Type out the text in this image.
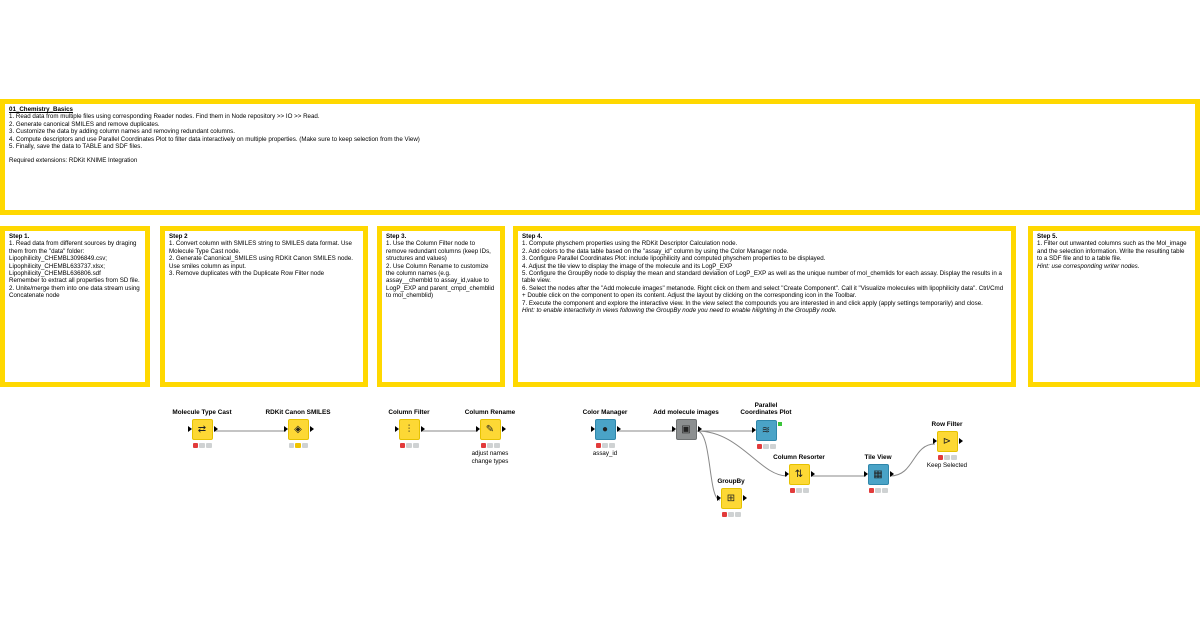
01_Chemistry_Basics
1. Read data from multiple files using corresponding Reader nodes. Find them in Node repository >> IO >> Read.
2. Generate canonical SMILES and remove duplicates.
3. Customize the data by adding column names and removing redundant columns.
4. Compute descriptors and use Parallel Coordinates Plot to filter data interactively on multiple properties. (Make sure to keep selection from the View)
5. Finally, save the data to TABLE and SDF files.
Required extensions: RDKit KNIME Integration
Step 1.
1. Read data from different sources by draging them from the "data" folder:
Lipophilicity_CHEMBL3096849.csv;
Lipophilicity_CHEMBL633737.xlsx;
Lipophilicity_CHEMBL636806.sdf
Remember to extract all properties from SD file.
2. Unite/merge them into one data stream using Concatenate node
Step 2
1. Convert column with SMILES string to SMILES data format. Use Molecule Type Cast node.
2. Generate Canonical_SMILES using RDKit Canon SMILES node. Use smiles column as input.
3. Remove duplicates with the Duplicate Row Filter node
Step 3.
1. Use the Column Filter node to remove redundant columns (keep IDs, structures and values)
2. Use Column Rename to customize the column names (e.g. assay__chembld to assay_id,value to LogP_EXP and parent_cmpd_chemblid to mol_chemblid)
Step 4.
1. Compute physchem properties using the RDKit Descriptor Calculation node.
2. Add colors to the data table based on the "assay_id" column by using the Color Manager node.
3. Configure Parallel Coordinates Plot: include lipophilicity and computed physchem properties to be displayed.
4. Adjust the tile view to display the image of the molecule and its LogP_EXP
5. Configure the GroupBy node to display the mean and standard deviation of LogP_EXP as well as the unique number of mol_chemlids for each assay. Display the results in a table view.
6. Select the nodes after the "Add molecule images" metanode. Right click on them and select "Create Component". Call it "Visualize molecules with lipophilicity data". Ctrl/Cmd + Double click on the component to open its content. Adjust the layout by clicking on the corresponding icon in the Toolbar.
7. Execute the component and explore the interactive view. In the view select the compounds you are interested in and click apply (apply settings temporarily) and close.
Hint: to enable interactivity in views following the GroupBy node you need to enable hilighting in the GroupBy node.
Step 5.
1. Filter out unwanted columns such as the Mol_image and the selection information. Write the resulting table to a SDF file and to a table file.
Hint: use corresponding writer nodes.
Molecule Type Cast
⇄
RDKit Canon SMILES
◈
Column Filter
⫶
Column Rename
✎
adjust names
change types
Color Manager
●
assay_id
Add molecule images
▣
Parallel Coordinates Plot
≋
GroupBy
⊞
Column Resorter
⇅
Tile View
▦
Row Filter
⊳
Keep Selected
